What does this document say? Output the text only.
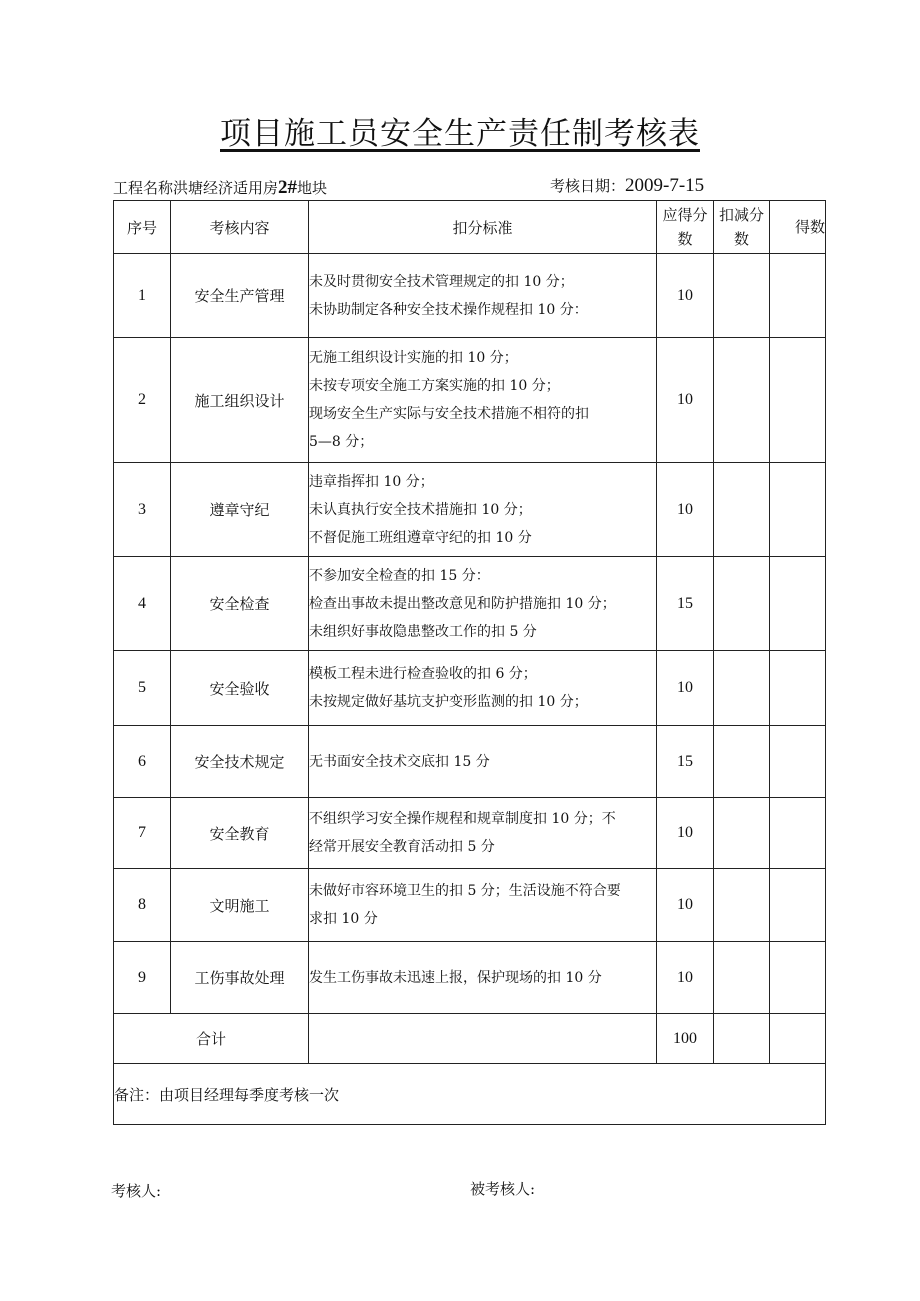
项目施工员安全生产责任制考核表
工程名称洪塘经济适用房2#地块	考核日期：2009-7-15
序号	考核内容	扣分标准	应得分数	扣减分数	得数
1	安全生产管理	未及时贯彻安全技术管理规定的扣 10 分；
未协助制定各种安全技术操作规程扣 10 分：	10		
2	施工组织设计	无施工组织设计实施的扣 10 分；
未按专项安全施工方案实施的扣 10 分；
现场安全生产实际与安全技术措施不相符的扣
5—8 分；	10		
3	遵章守纪	违章指挥扣 10 分；
未认真执行安全技术措施扣 10 分；
不督促施工班组遵章守纪的扣 10 分	10		
4	安全检查	不参加安全检查的扣 15 分：
检查出事故未提出整改意见和防护措施扣 10 分；
未组织好事故隐患整改工作的扣 5 分	15		
5	安全验收	模板工程未进行检查验收的扣 6 分；
未按规定做好基坑支护变形监测的扣 10 分；	10		
6	安全技术规定	无书面安全技术交底扣 15 分	15		
7	安全教育	不组织学习安全操作规程和规章制度扣 10 分；不
经常开展安全教育活动扣 5 分	10		
8	文明施工	未做好市容环境卫生的扣 5 分；生活设施不符合要
求扣 10 分	10		
9	工伤事故处理	发生工伤事故未迅速上报，保护现场的扣 10 分	10		
合计			100		
备注：由项目经理每季度考核一次					
考核人:	被考核人:
